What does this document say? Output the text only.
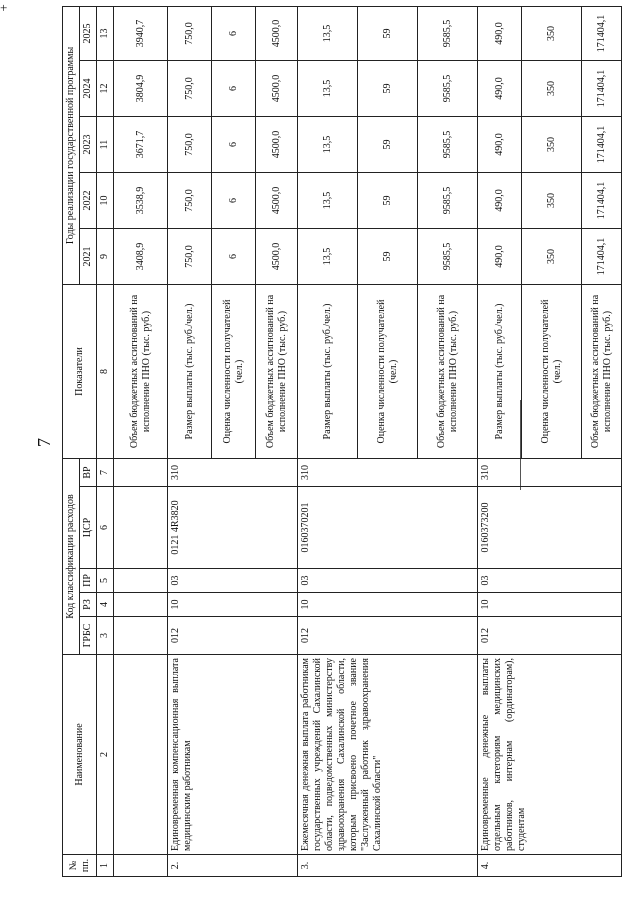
+
7
№ пп.	Наименование	Код классификации расходов					Показатели	Годы реализации государственной программы				
		ГРБС	РЗ	ПР	ЦСР	ВР		2021	2022	2023	2024	2025
1	2	3	4	5	6	7	8	9	10	11	12	13
							Объем бюджетных ассигнований на исполнение ПНО (тыс. руб.)	3408,9	3538,9	3671,7	3804,9	3940,7
2.	Единовременная компенсационная выплата медицинским работникам	012	10	03	0121 4R3820	310	Размер выплаты (тыс. руб./чел.)	750,0	750,0	750,0	750,0	750,0
							Оценка численности получателей (чел.)	6	6	6	6	6
							Объем бюджетных ассигнований на исполнение ПНО (тыс. руб.)	4500,0	4500,0	4500,0	4500,0	4500,0
3.	Ежемесячная денежная выплата работникам государственных учреждений Сахалинской области, подведомственных министерству здравоохранения Сахалинской области, которым присвоено почетное звание "Заслуженный работник здравоохранения Сахалинской области"	012	10	03	0160370201	310	Размер выплаты (тыс. руб./чел.)	13,5	13,5	13,5	13,5	13,5
							Оценка численности получателей (чел.)	59	59	59	59	59
							Объем бюджетных ассигнований на исполнение ПНО (тыс. руб.)	9585,5	9585,5	9585,5	9585,5	9585,5
4.	Единовременные денежные выплаты отдельным категориям медицинских работников, интернам (ординаторам), студентам	012	10	03	0160373200	310	Размер выплаты (тыс. руб./чел.)	490,0	490,0	490,0	490,0	490,0
							Оценка численности получателей (чел.)	350	350	350	350	350
							Объем бюджетных ассигнований на исполнение ПНО (тыс. руб.)	171404,1	171404,1	171404,1	171404,1	171404,1
